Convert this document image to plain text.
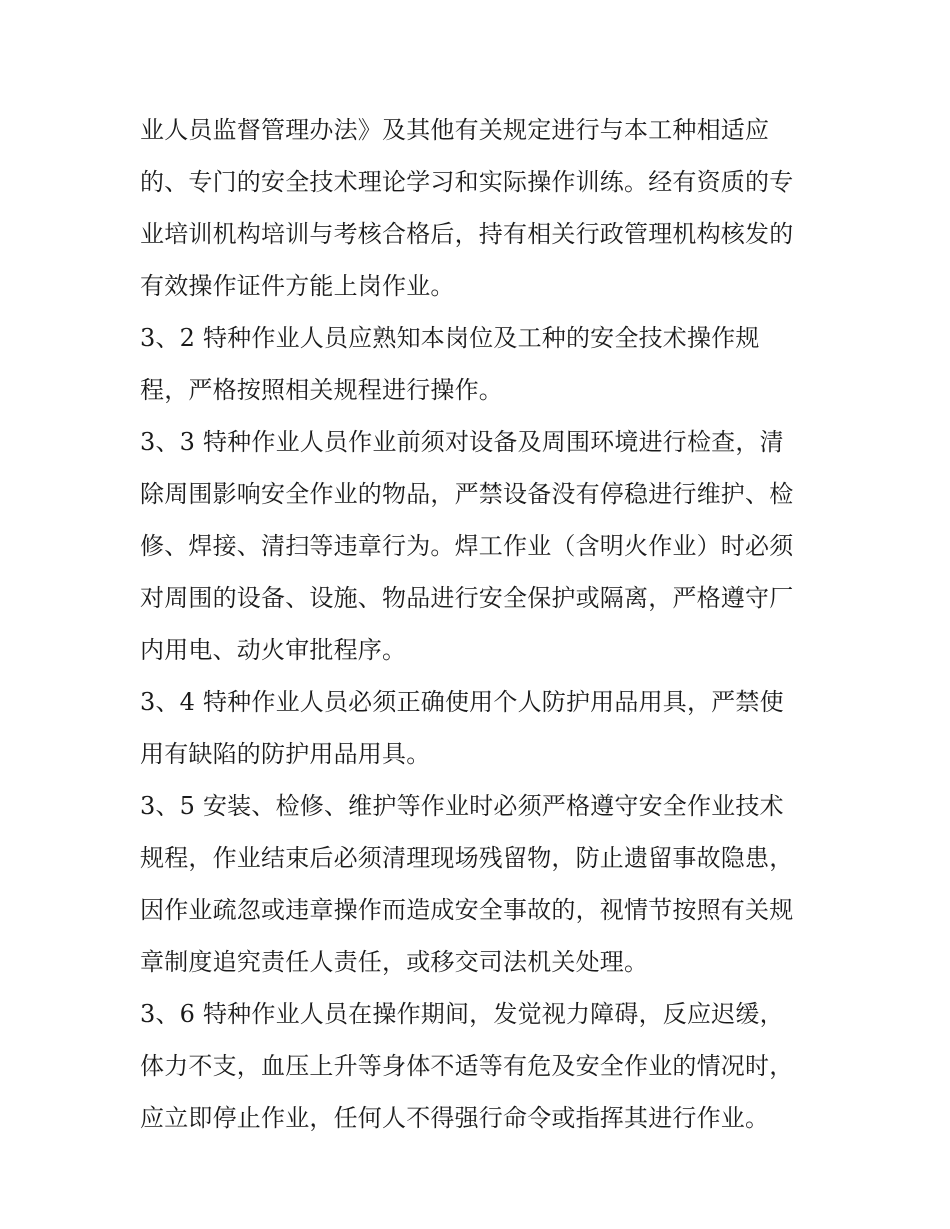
业人员监督管理办法》及其他有关规定进行与本工种相适应
的、专门的安全技术理论学习和实际操作训练。经有资质的专
业培训机构培训与考核合格后，持有相关行政管理机构核发的
有效操作证件方能上岗作业。
3、2 特种作业人员应熟知本岗位及工种的安全技术操作规
程，严格按照相关规程进行操作。
3、3 特种作业人员作业前须对设备及周围环境进行检查，清
除周围影响安全作业的物品，严禁设备没有停稳进行维护、检
修、焊接、清扫等违章行为。焊工作业（含明火作业）时必须
对周围的设备、设施、物品进行安全保护或隔离，严格遵守厂
内用电、动火审批程序。
3、4 特种作业人员必须正确使用个人防护用品用具，严禁使
用有缺陷的防护用品用具。
3、5 安装、检修、维护等作业时必须严格遵守安全作业技术
规程，作业结束后必须清理现场残留物，防止遗留事故隐患，
因作业疏忽或违章操作而造成安全事故的，视情节按照有关规
章制度追究责任人责任，或移交司法机关处理。
3、6 特种作业人员在操作期间，发觉视力障碍，反应迟缓，
体力不支，血压上升等身体不适等有危及安全作业的情况时，
应立即停止作业，任何人不得强行命令或指挥其进行作业。
